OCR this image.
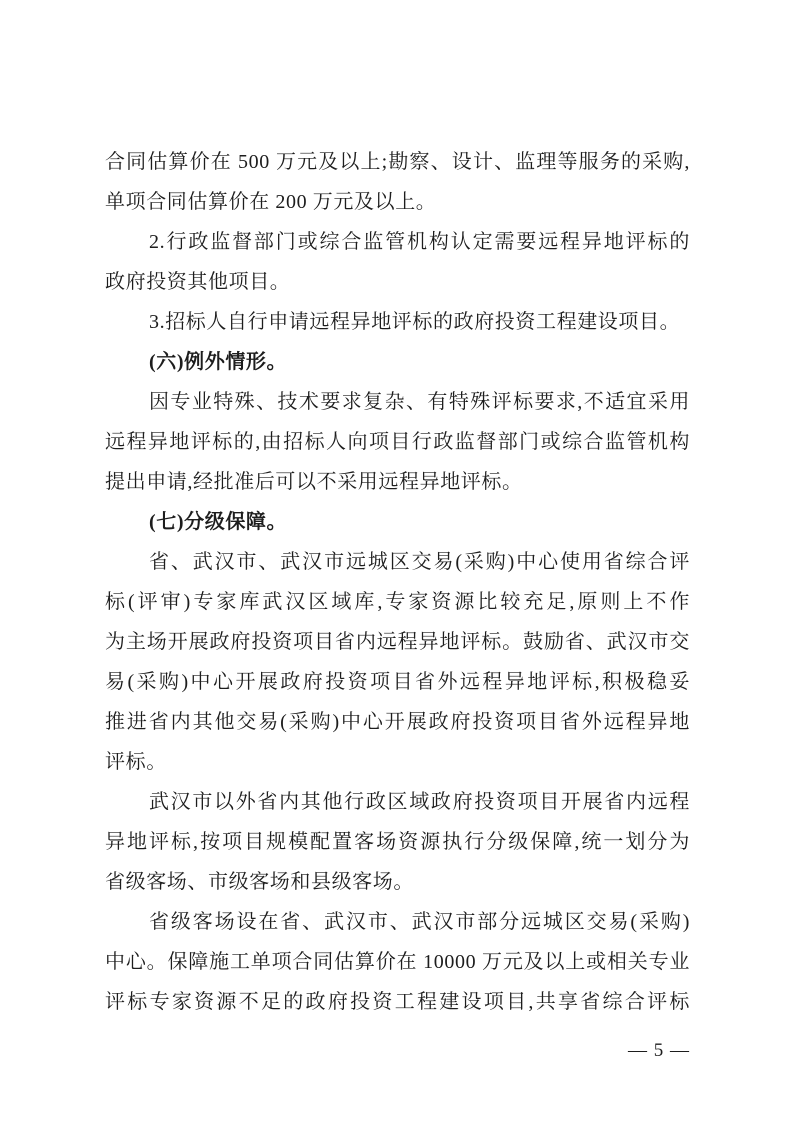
合同估算价在 500 万元及以上;勘察、设计、监理等服务的采购,
单项合同估算价在 200 万元及以上。
2.行政监督部门或综合监管机构认定需要远程异地评标的
政府投资其他项目。
3.招标人自行申请远程异地评标的政府投资工程建设项目。
(六)例外情形。
因专业特殊、技术要求复杂、有特殊评标要求,不适宜采用
远程异地评标的,由招标人向项目行政监督部门或综合监管机构
提出申请,经批准后可以不采用远程异地评标。
(七)分级保障。
省、武汉市、武汉市远城区交易(采购)中心使用省综合评
标(评审)专家库武汉区域库,专家资源比较充足,原则上不作
为主场开展政府投资项目省内远程异地评标。鼓励省、武汉市交
易(采购)中心开展政府投资项目省外远程异地评标,积极稳妥
推进省内其他交易(采购)中心开展政府投资项目省外远程异地
评标。
武汉市以外省内其他行政区域政府投资项目开展省内远程
异地评标,按项目规模配置客场资源执行分级保障,统一划分为
省级客场、市级客场和县级客场。
省级客场设在省、武汉市、武汉市部分远城区交易(采购)
中心。保障施工单项合同估算价在 10000 万元及以上或相关专业
评标专家资源不足的政府投资工程建设项目,共享省综合评标
— 5 —
